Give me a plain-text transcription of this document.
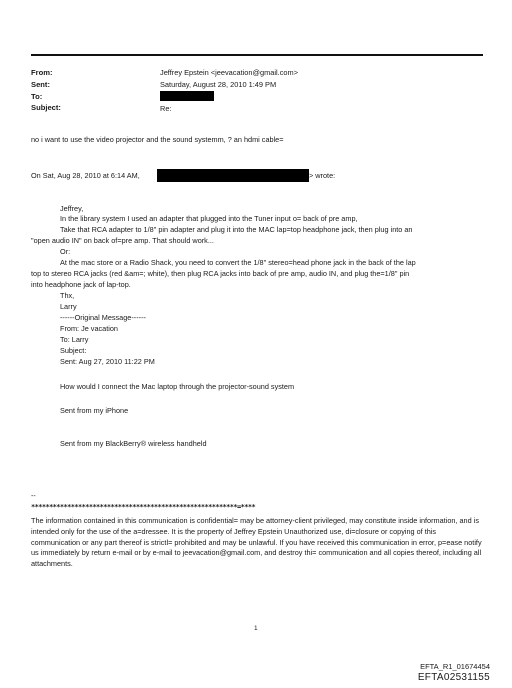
From:	Jeffrey Epstein <jeevacation@gmail.com>
Sent:	Saturday, August 28, 2010 1:49 PM
To:
Subject:	Re:
no i want to use the video projector and the sound systemm, ? an hdmi cable=
On Sat, Aug 28, 2010 at 6:14 AM,	> wrote:
Jeffrey,
In the library system I used an adapter that plugged into the Tuner input o= back of pre amp,
Take that RCA adapter to 1/8" pin adapter and plug it into the MAC lap=top headphone jack, then plug into an
"open audio IN" on back of=pre amp. That should work...
Or:
At the mac store or a Radio Shack, you need to convert the 1/8" stereo=head phone jack in the back of the lap
top to stereo RCA jacks (red &am=; white), then plug RCA jacks into back of pre amp, audio IN, and plug the=1/8" pin
into headphone jack of lap-top.
Thx,
Larry
------Original Message------
From: Je vacation
To: Larry
Subject:
Sent: Aug 27, 2010 11:22 PM
How would I connect the Mac laptop through the projector-sound system
Sent from my iPhone
Sent from my BlackBerry® wireless handheld
--
*********************************************************=****
The information contained in this communication is confidential= may be attorney-client privileged, may constitute inside information, and is intended only for the use of the a=dressee. It is the property of Jeffrey Epstein Unauthorized use, di=closure or copying of this communication or any part thereof is strictl= prohibited and may be unlawful. If you have received this communication in error, p=ease notify us immediately by return e-mail or by e-mail to jeevacation@gmail.com, and destroy thi= communication and all copies thereof, including all attachments.
1
EFTA_R1_01674454
EFTA02531155
